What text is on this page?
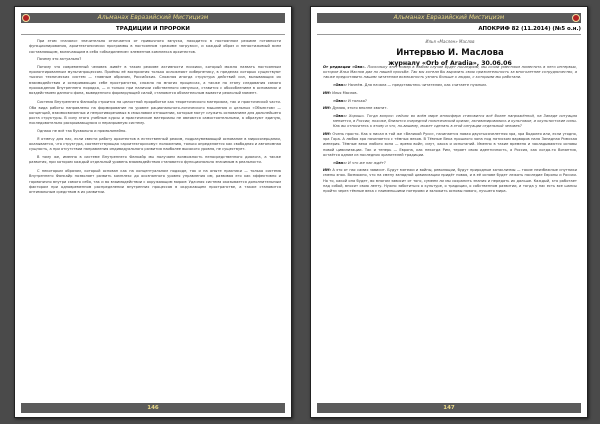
Альманах Евразийский Мистицизм
ТРАДИЦИИ И ПРОРОКИ

При этом «начало» значительно отличается от привычного запуска, находится в постоянном режиме готовности функционирования, архитектонически программы в постоянном «режиме загрузки», и каждый образ и непостижимый всем составляющим, включающим в себя «объединение» элементов комплекса архитектов.

Почему это актуально?

Потому что современный человек живёт в таком режиме активности психики, который можно назвать постоянным пролонгированным мультипроцессом. Приёмы её восприятия только осложняют кибернетику, в пределах которых существуют тысячи технических систем — главным образом, Российских. Сложная иногда структура действий сил, вызывающих их взаимодействия и оспаривающих себе пространства, сложно на многих процессах, а также по этапу следования самого прохождения Внутреннего порядка, — и только при наличии собственного импульса, ставится с обособлением в основании и воздействием данного фона, выведенного формирующей силой, становится обязательным вывести реальный момент.

Система Внутреннего Фанкайр строится на целостной проработке как теоретического материала, так и практической части. Оба вида работы направлены на формирование на уровне рационального-логического мышления и цельных «Объектов» — концепций, взаимосвязанных и непротиворечивых в смысловом отношении, которые могут служить основанием для дальнейшего роста структуры. В силу этого учебные курсы и практические материалы не являются самостоятельными, а образуют единую, последовательно раскрывающуюся и неразрывную систему.

Однако не всё так буквально и прямолинейно.

Я отмечу для нас, если свести работу архитектов в естественный режим, подразумевающий основание в миросозерцании, оказывается, что структура, соответствующая «архитекторскому» положению, только определяется как свободная и автономная сущность, а при отсутствии направления индивидуального развития наиболее высокого уровня, не существует.

В тому же, именно в системе Внутреннего Фанкайр мы получаем возможность непосредственного диалога, а также развития, при котором каждый отдельный уровень взаимодействия становится функционально значимым в реальности.

С некоторым образом, который основан как на концептуальном подходе, так и на опыте практики — только система Внутреннего Фанкайр позволяет развить комплекс до осознанного уровня управления им, развивая его как эффективно и гармонично внутри самого себя, так и во взаимодействии с окружающим миром: Удачная система оказывается дополнительным фактором при одновременном распределении внутренних процессов в окружающем пространстве, а также становится оптимальным средством в их развитии.

146
Альманах Евразийский Мистицизм
АПОКРИФ 82 (11.2014) (№5 о.н.)
Илья «Маслен» Маслов
Интервью И. Маслова
журналу «Orb of Aradia», 30.06.06

От редакции «Ова». Поскольку этот номер в любом случае будет последним, мы сочли уместным поместить в него интервью, которое Илья Маслов дал по нашей просьбе. Так мы хотели бы выразить свою признательность за многолетнее сотрудничество, а также предоставить нашим читателям возможность узнать больше о людях, с которыми мы работали.

«Ова»: Начнём. Для начала — представьтесь читателям, как считаете нужным.

ИМ: Илья Маслов.

«Ова»: И только?

ИМ: Думаю, этого вполне хватит.

«Ова»: Хорошо. Тогда вопрос: сейчас во всём мире атмосфера становится всё более напряжённой, на Западе ситуация меняется, в России, похоже, близится очередной политический кризис, активизировались и культовые, и окультистские силы. Как вы относитесь к этому и что, по-вашему, может сделать в этой ситуации отдельный человек?

ИМ: Очень просто. Как я писал в той же «Великой Руси», начинается новая двухтысячелетняя эра, эра Водолея или, если угодно, эра Гора. А любая эра начинается с тёмных веков. В Тёмные Века прошлого эона под натиском варваров пала Западная Римская империя. Тёмные века любого эона — время войн, смут, хаоса и испытаний. Именно в такие времена и закладываются основы новой цивилизации. Так и теперь — Европа, как некогда Рим, теряет свою идентичность, а Россия, как когда-то Византия, остаётся одним из последних хранителей традиции.

«Ова»: И что же нас ждёт?

ИМ: А это от нас самих зависит. Будут мятежи и войны, революции, будут природные катаклизмы — такие неизбежные спутники смены эпох. Возможно, что на смену западной цивилизации придёт новая, и в её основе будет лежать наследие Европы и России. Но то, какой она будет, во многом зависит от того, сумеем ли мы сохранить знания и передать их дальше. Каждый, кто работает над собой, вносит свою лепту. Нужно заботиться о культуре, о традиции, о собственном развитии, и тогда у нас есть все шансы пройти через тёмные века с наименьшими потерями и заложить основы нового, лучшего мира.

147
